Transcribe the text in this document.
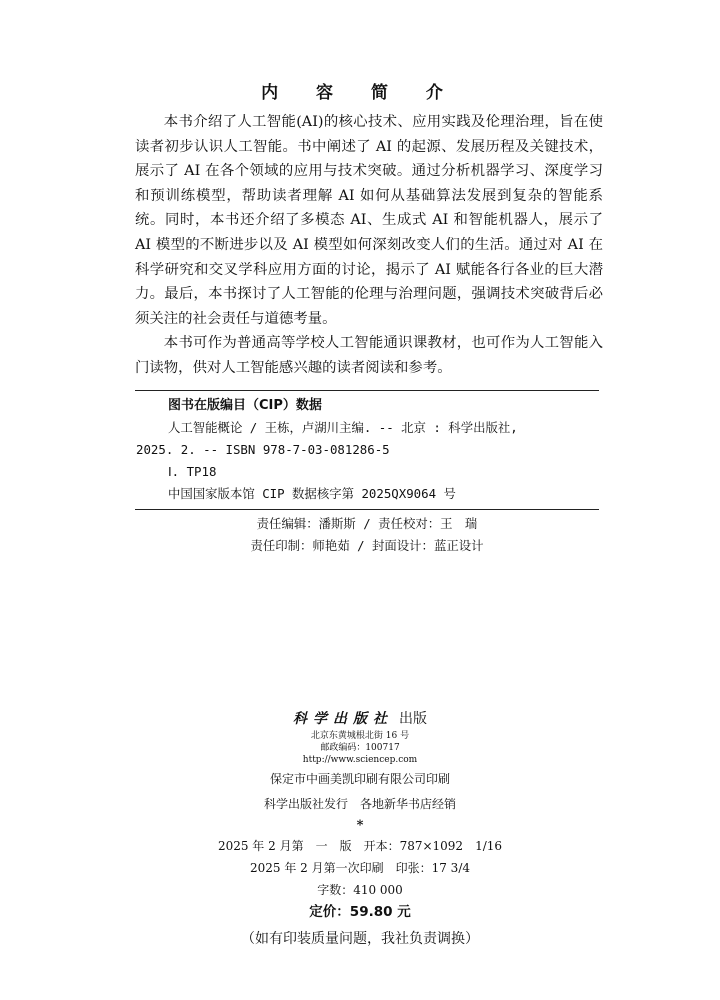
内 容 简 介

本书介绍了人工智能(AI)的核心技术、应用实践及伦理治理，旨在使读者初步认识人工智能。书中阐述了 AI 的起源、发展历程及关键技术，展示了 AI 在各个领域的应用与技术突破。通过分析机器学习、深度学习和预训练模型，帮助读者理解 AI 如何从基础算法发展到复杂的智能系统。同时，本书还介绍了多模态 AI、生成式 AI 和智能机器人，展示了 AI 模型的不断进步以及 AI 模型如何深刻改变人们的生活。通过对 AI 在科学研究和交叉学科应用方面的讨论，揭示了 AI 赋能各行各业的巨大潜力。最后，本书探讨了人工智能的伦理与治理问题，强调技术突破背后必须关注的社会责任与道德考量。

本书可作为普通高等学校人工智能通识课教材，也可作为人工智能入门读物，供对人工智能感兴趣的读者阅读和参考。

图书在版编目（CIP）数据
人工智能概论 / 王栋，卢湖川主编. -- 北京 : 科学出版社,
2025. 2. -- ISBN 978-7-03-081286-5
Ⅰ. TP18
中国国家版本馆 CIP 数据核字第 2025QX9064 号
责任编辑：潘斯斯 / 责任校对：王　瑞
责任印制：师艳茹 / 封面设计：蓝正设计
科学出版社 出版
北京东黄城根北街 16 号
邮政编码：100717
http://www.sciencep.com
保定市中画美凯印刷有限公司印刷
科学出版社发行　各地新华书店经销
*
2025 年 2 月第　一　版　开本：787×1092　1/16
2025 年 2 月第一次印刷　印张：17 3/4
字数：410 000
定价：59.80 元
（如有印装质量问题，我社负责调换）
